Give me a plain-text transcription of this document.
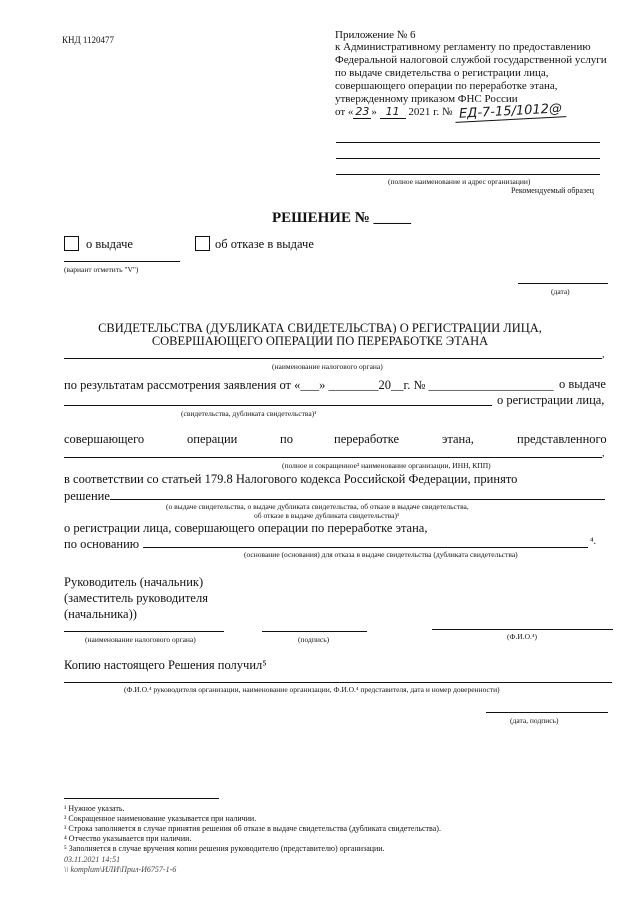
КНД 1120477	Приложение № 6
к Административному регламенту по предоставлению
Федеральной налоговой службой государственной услуги
по выдаче свидетельства о регистрации лица,
совершающего операции по переработке этана,
утвержденному приказом ФНС России
от « 23 » 11 2021 г. № ЕД-7-15/1012@
(полное наименование и адрес организации)
Рекомендуемый образец
РЕШЕНИЕ № _____
о выдаче	об отказе в выдаче
(вариант отметить "V")
(дата)
СВИДЕТЕЛЬСТВА (ДУБЛИКАТА СВИДЕТЕЛЬСТВА) О РЕГИСТРАЦИИ ЛИЦА,
СОВЕРШАЮЩЕГО ОПЕРАЦИИ ПО ПЕРЕРАБОТКЕ ЭТАНА
,
(наименование налогового органа)
по результатам рассмотрения заявления от «___» ________20__г. № ____________________ о выдаче
о регистрации лица,
(свидетельства, дубликата свидетельства)¹
совершающего	операции	по	переработке	этана,	представленного
,
(полное и сокращенное³ наименование организации, ИНН, КПП)
в соответствии со статьей 179.8 Налогового кодекса Российской Федерации, принято
решение
(о выдаче свидетельства, о выдаче дубликата свидетельства, об отказе в выдаче свидетельства,
об отказе в выдаче дубликата свидетельства)¹
о регистрации лица, совершающего операции по переработке этана,
по основанию	⁴.
(основание (основания) для отказа в выдаче свидетельства (дубликата свидетельства)
Руководитель (начальник)
(заместитель руководителя
(начальника))
(наименование налогового органа)	(подпись)	(Ф.И.О.⁴)
Копию настоящего Решения получил⁵
(Ф.И.О.⁴ руководителя организации, наименование организации, Ф.И.О.⁴ представителя, дата и номер доверенности)
(дата, подпись)
¹ Нужное указать.
² Сокращенное наименование указывается при наличии.
³ Строка заполняется в случае принятия решения об отказе в выдаче свидетельства (дубликата свидетельства).
⁴ Отчество указывается при наличии.
⁵ Заполняется в случае вручения копии решения руководителю (представителю) организации.
03.11.2021 14:51
\\ komplum\ИЛИ\Прил-И6757-1-6
